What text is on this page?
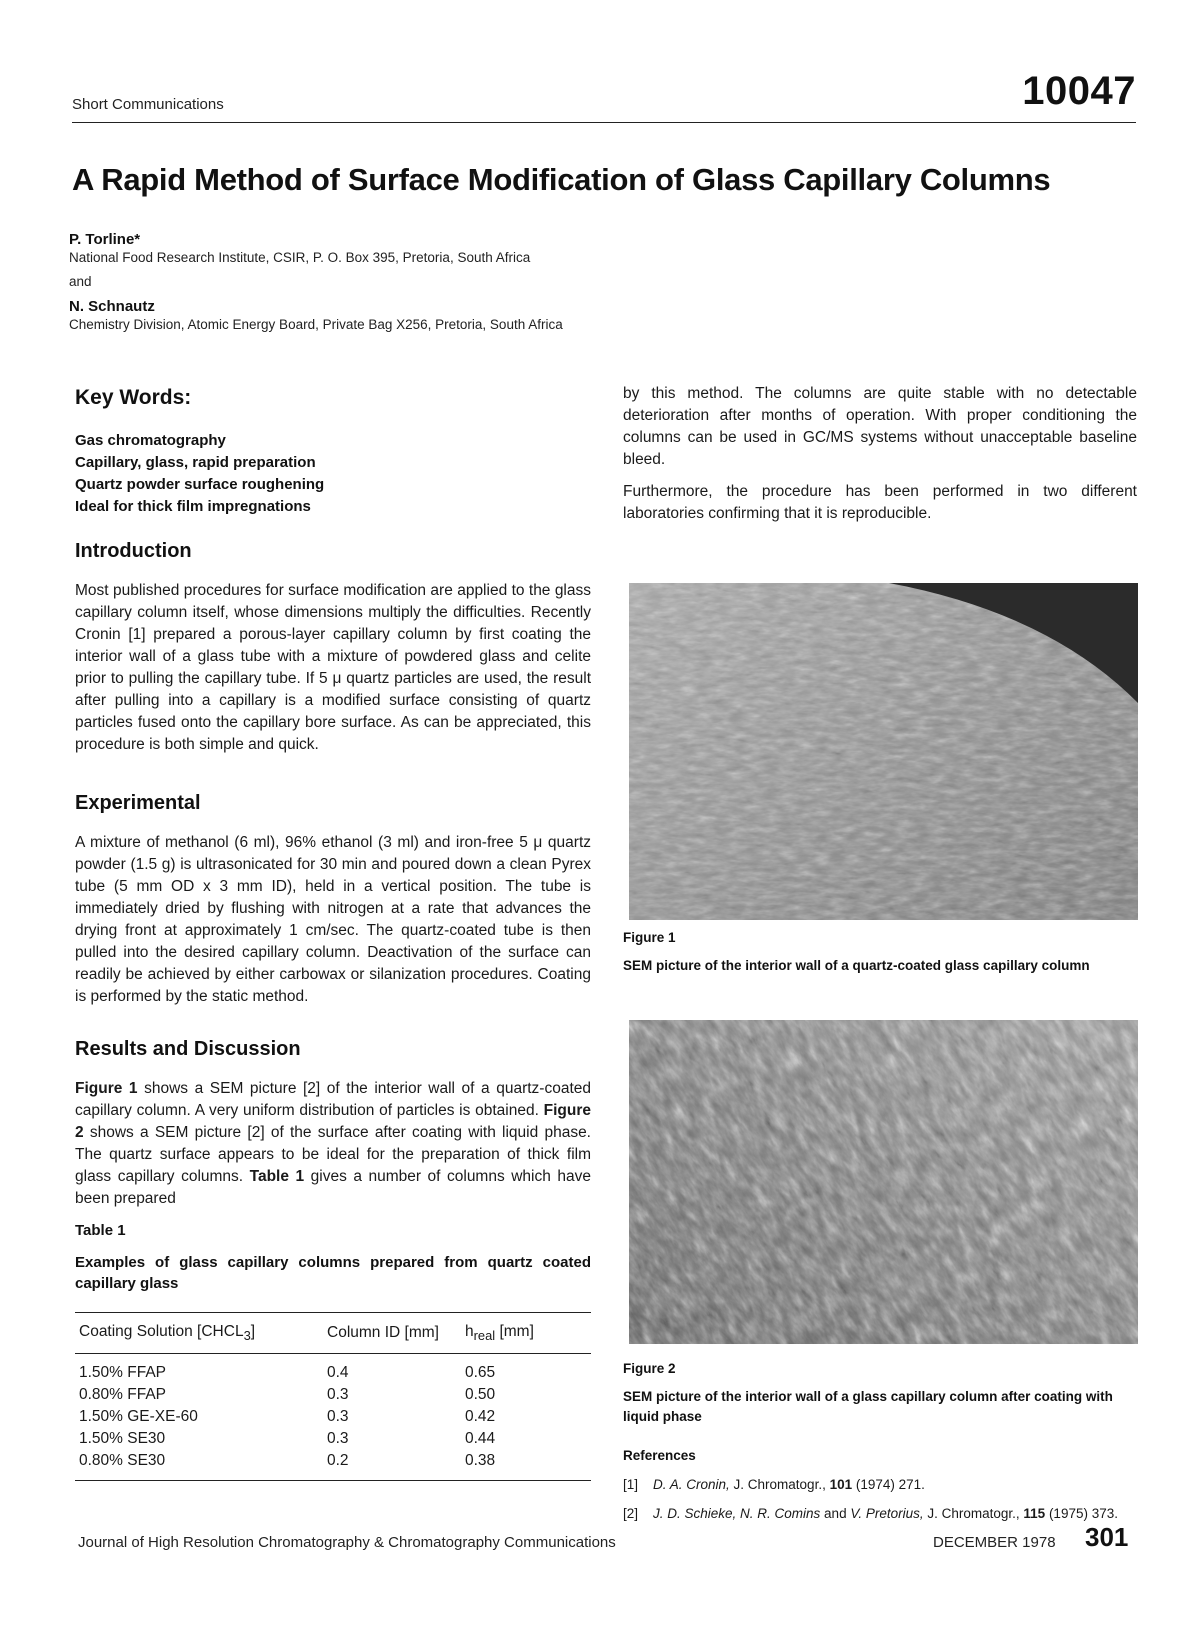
Short Communications	10047
A Rapid Method of Surface Modification of Glass Capillary Columns
P. Torline*
National Food Research Institute, CSIR, P. O. Box 395, Pretoria, South Africa
and
N. Schnautz
Chemistry Division, Atomic Energy Board, Private Bag X256, Pretoria, South Africa
Key Words:
Gas chromatography
Capillary, glass, rapid preparation
Quartz powder surface roughening
Ideal for thick film impregnations
Introduction

Most published procedures for surface modification are applied to the glass capillary column itself, whose dimensions multiply the difficulties. Recently Cronin [1] prepared a porous-layer capillary column by first coating the interior wall of a glass tube with a mixture of powdered glass and celite prior to pulling the capillary tube. If 5 μ quartz particles are used, the result after pulling into a capillary is a modified surface consisting of quartz particles fused onto the capillary bore surface. As can be appreciated, this procedure is both simple and quick.

Experimental

A mixture of methanol (6 ml), 96% ethanol (3 ml) and iron-free 5 μ quartz powder (1.5 g) is ultrasonicated for 30 min and poured down a clean Pyrex tube (5 mm OD x 3 mm ID), held in a vertical position. The tube is immediately dried by flushing with nitrogen at a rate that advances the drying front at approximately 1 cm/sec. The quartz-coated tube is then pulled into the desired capillary column. Deactivation of the surface can readily be achieved by either carbowax or silanization procedures. Coating is performed by the static method.

Results and Discussion

Figure 1 shows a SEM picture [2] of the interior wall of a quartz-coated capillary column. A very uniform distribution of particles is obtained. Figure 2 shows a SEM picture [2] of the surface after coating with liquid phase. The quartz surface appears to be ideal for the preparation of thick film glass capillary columns. Table 1 gives a number of columns which have been prepared

Table 1
Examples of glass capillary columns prepared from quartz coated capillary glass
Coating Solution $[CHCL_3]$	Column ID [mm]	$h_{real}$ [mm]
1.50% FFAP	0.4	0.65
0.80% FFAP	0.3	0.50
1.50% GE-XE-60	0.3	0.42
1.50% SE30	0.3	0.44
0.80% SE30	0.2	0.38

by this method. The columns are quite stable with no detectable deterioration after months of operation. With proper conditioning the columns can be used in GC/MS systems without unacceptable baseline bleed.

Furthermore, the procedure has been performed in two different laboratories confirming that it is reproducible.

Figure 1
SEM picture of the interior wall of a quartz-coated glass capillary column
Figure 2
SEM picture of the interior wall of a glass capillary column after coating with liquid phase
References
[1]	D. A. Cronin, J. Chromatogr., 101 (1974) 271.
[2]	J. D. Schieke, N. R. Comins and V. Pretorius, J. Chromatogr., 115 (1975) 373.
Journal of High Resolution Chromatography & Chromatography Communications	DECEMBER 1978 301
